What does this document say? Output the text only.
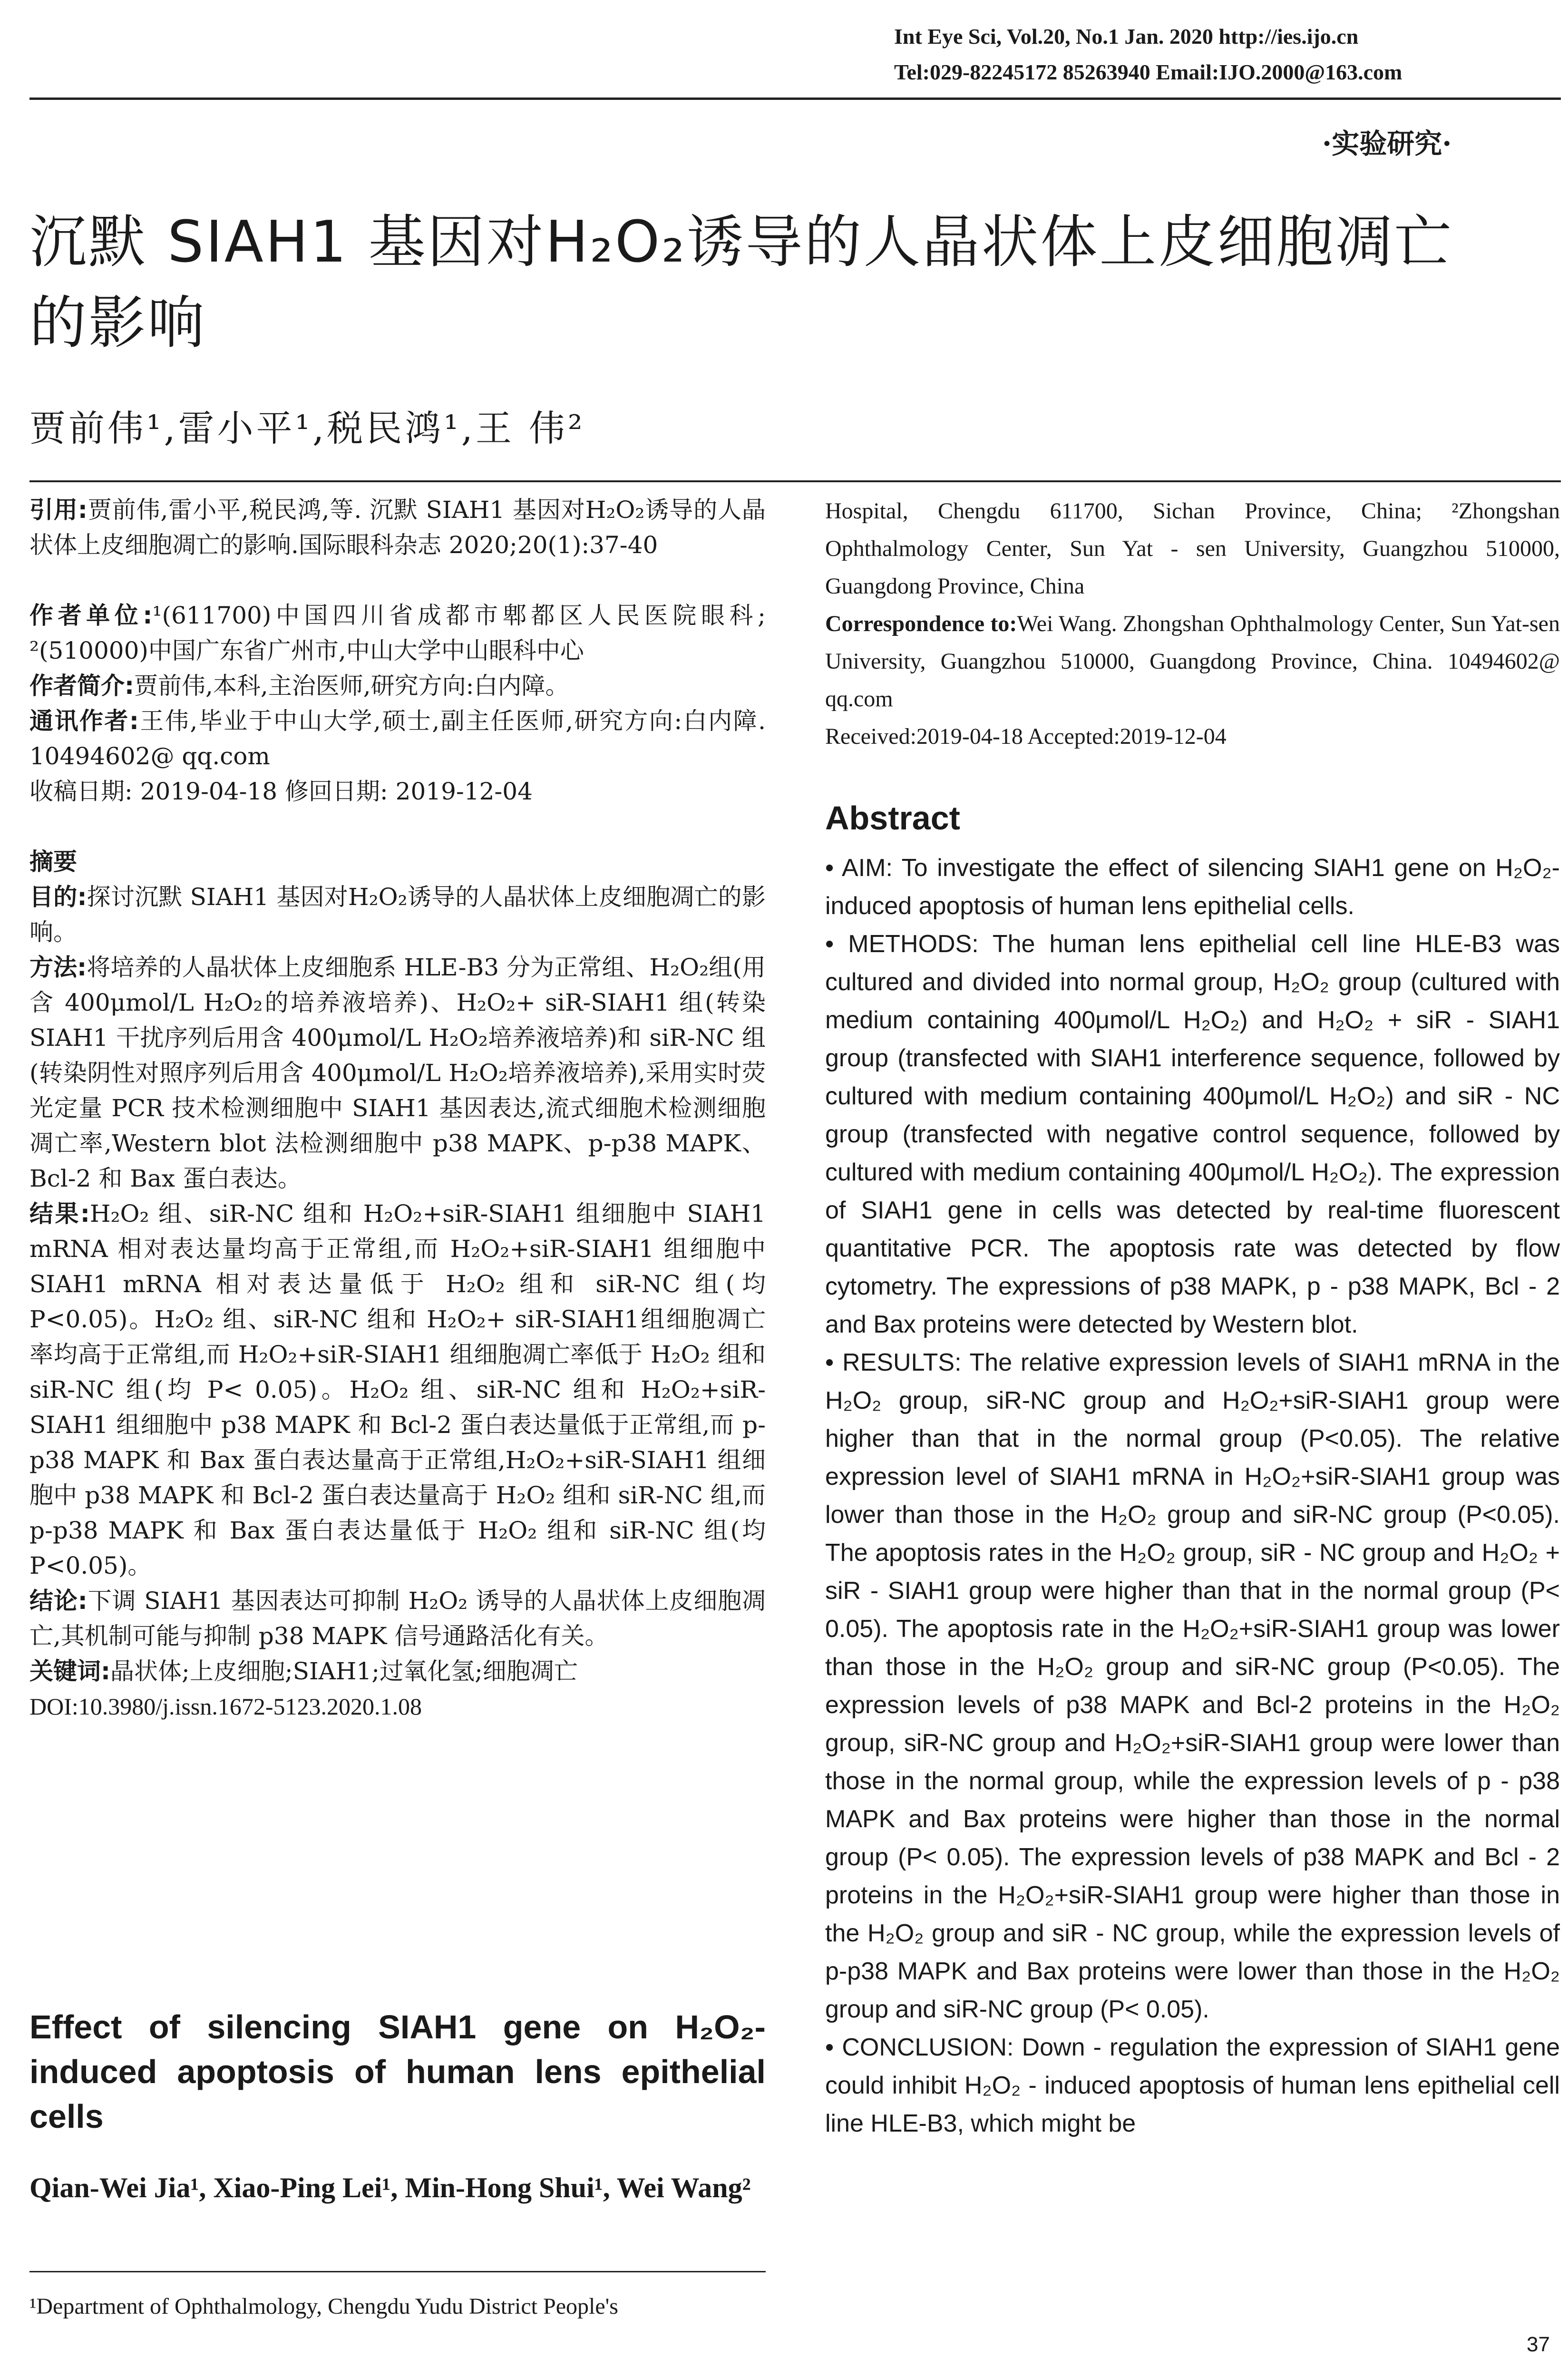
Int Eye Sci, Vol.20, No.1 Jan. 2020 http://ies.ijo.cn
Tel:029-82245172 85263940 Email:IJO.2000@163.com
·实验研究·
沉默 SIAH1 基因对H₂O₂诱导的人晶状体上皮细胞凋亡
的影响
贾前伟¹,雷小平¹,税民鸿¹,王 伟²

引用:贾前伟,雷小平,税民鸿,等. 沉默 SIAH1 基因对H₂O₂诱导的人晶状体上皮细胞凋亡的影响.国际眼科杂志 2020;20(1):37-40

作者单位:¹(611700)中国四川省成都市郫都区人民医院眼科; ²(510000)中国广东省广州市,中山大学中山眼科中心

作者简介:贾前伟,本科,主治医师,研究方向:白内障。

通讯作者:王伟,毕业于中山大学,硕士,副主任医师,研究方向:白内障. 10494602@ qq.com

收稿日期: 2019-04-18 修回日期: 2019-12-04

摘要

目的:探讨沉默 SIAH1 基因对H₂O₂诱导的人晶状体上皮细胞凋亡的影响。

方法:将培养的人晶状体上皮细胞系 HLE-B3 分为正常组、H₂O₂组(用含 400μmol/L H₂O₂的培养液培养)、H₂O₂+ siR-SIAH1 组(转染 SIAH1 干扰序列后用含 400μmol/L H₂O₂培养液培养)和 siR-NC 组(转染阴性对照序列后用含 400μmol/L H₂O₂培养液培养),采用实时荧光定量 PCR 技术检测细胞中 SIAH1 基因表达,流式细胞术检测细胞凋亡率,Western blot 法检测细胞中 p38 MAPK、p-p38 MAPK、Bcl-2 和 Bax 蛋白表达。

结果:H₂O₂ 组、siR-NC 组和 H₂O₂+siR-SIAH1 组细胞中 SIAH1 mRNA 相对表达量均高于正常组,而 H₂O₂+siR-SIAH1 组细胞中 SIAH1 mRNA 相对表达量低于 H₂O₂ 组和 siR-NC 组(均 P<0.05)。H₂O₂ 组、siR-NC 组和 H₂O₂+ siR-SIAH1组细胞凋亡率均高于正常组,而 H₂O₂+siR-SIAH1 组细胞凋亡率低于 H₂O₂ 组和 siR-NC 组(均 P< 0.05)。H₂O₂ 组、siR-NC 组和 H₂O₂+siR-SIAH1 组细胞中 p38 MAPK 和 Bcl-2 蛋白表达量低于正常组,而 p-p38 MAPK 和 Bax 蛋白表达量高于正常组,H₂O₂+siR-SIAH1 组细胞中 p38 MAPK 和 Bcl-2 蛋白表达量高于 H₂O₂ 组和 siR-NC 组,而 p-p38 MAPK 和 Bax 蛋白表达量低于 H₂O₂ 组和 siR-NC 组(均 P<0.05)。

结论:下调 SIAH1 基因表达可抑制 H₂O₂ 诱导的人晶状体上皮细胞凋亡,其机制可能与抑制 p38 MAPK 信号通路活化有关。

关键词:晶状体;上皮细胞;SIAH1;过氧化氢;细胞凋亡

DOI:10.3980/j.issn.1672-5123.2020.1.08

Effect of silencing SIAH1 gene on H₂O₂-induced apoptosis of human lens epithelial cells
Qian-Wei Jia¹, Xiao-Ping Lei¹, Min-Hong Shui¹, Wei Wang²
¹Department of Ophthalmology, Chengdu Yudu District People's

Hospital, Chengdu 611700, Sichan Province, China; ²Zhongshan Ophthalmology Center, Sun Yat - sen University, Guangzhou 510000, Guangdong Province, China

Correspondence to:Wei Wang. Zhongshan Ophthalmology Center, Sun Yat-sen University, Guangzhou 510000, Guangdong Province, China. 10494602@ qq.com

Received:2019-04-18 Accepted:2019-12-04

Abstract

• AIM: To investigate the effect of silencing SIAH1 gene on H₂O₂-induced apoptosis of human lens epithelial cells.

• METHODS: The human lens epithelial cell line HLE-B3 was cultured and divided into normal group, H₂O₂ group (cultured with medium containing 400μmol/L H₂O₂) and H₂O₂ + siR - SIAH1 group (transfected with SIAH1 interference sequence, followed by cultured with medium containing 400μmol/L H₂O₂) and siR - NC group (transfected with negative control sequence, followed by cultured with medium containing 400μmol/L H₂O₂). The expression of SIAH1 gene in cells was detected by real-time fluorescent quantitative PCR. The apoptosis rate was detected by flow cytometry. The expressions of p38 MAPK, p - p38 MAPK, Bcl - 2 and Bax proteins were detected by Western blot.

• RESULTS: The relative expression levels of SIAH1 mRNA in the H₂O₂ group, siR-NC group and H₂O₂+siR-SIAH1 group were higher than that in the normal group (P<0.05). The relative expression level of SIAH1 mRNA in H₂O₂+siR-SIAH1 group was lower than those in the H₂O₂ group and siR-NC group (P<0.05). The apoptosis rates in the H₂O₂ group, siR - NC group and H₂O₂ + siR - SIAH1 group were higher than that in the normal group (P< 0.05). The apoptosis rate in the H₂O₂+siR-SIAH1 group was lower than those in the H₂O₂ group and siR-NC group (P<0.05). The expression levels of p38 MAPK and Bcl-2 proteins in the H₂O₂ group, siR-NC group and H₂O₂+siR-SIAH1 group were lower than those in the normal group, while the expression levels of p - p38 MAPK and Bax proteins were higher than those in the normal group (P< 0.05). The expression levels of p38 MAPK and Bcl - 2 proteins in the H₂O₂+siR-SIAH1 group were higher than those in the H₂O₂ group and siR - NC group, while the expression levels of p-p38 MAPK and Bax proteins were lower than those in the H₂O₂ group and siR-NC group (P< 0.05).

• CONCLUSION: Down - regulation the expression of SIAH1 gene could inhibit H₂O₂ - induced apoptosis of human lens epithelial cell line HLE-B3, which might be

37
